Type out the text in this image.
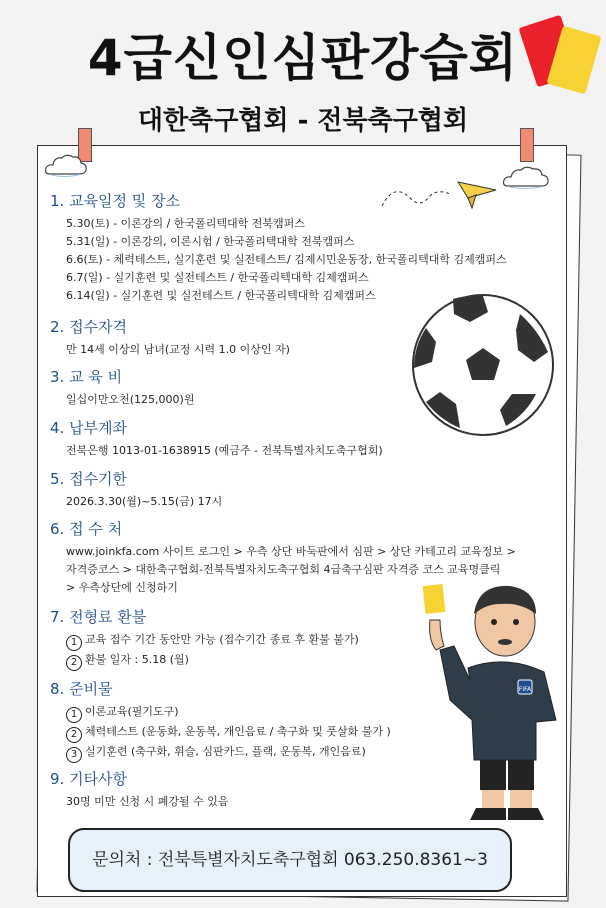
4급신인심판강습회
대한축구협회 - 전북축구협회
FIFA
1. 교육일정 및 장소
5.30(토) - 이론강의 / 한국폴리텍대학 전북캠퍼스
5.31(일) - 이론강의, 이론시험 / 한국폴리텍대학 전북캠퍼스
6.6(토) - 체력테스트, 실기훈련 및 실전테스트/ 김제시민운동장, 한국폴리텍대학 김제캠퍼스
6.7(일) - 실기훈련 및 실전테스트 / 한국폴리텍대학 김제캠퍼스
6.14(일) - 실기훈련 및 실전테스트 / 한국폴리텍대학 김제캠퍼스
2. 접수자격
만 14세 이상의 남녀(교정 시력 1.0 이상인 자)
3. 교 육 비
일십이만오천(125,000)원
4. 납부계좌
전북은행 1013-01-1638915 (예금주 - 전북특별자치도축구협회)
5. 접수기한
2026.3.30(월)~5.15(금) 17시
6. 접 수 처
www.joinkfa.com 사이트 로그인 > 우측 상단 바둑판에서 심판 > 상단 카테고리 교육정보 >
자격증코스 > 대한축구협회-전북특별자치도축구협회 4급축구심판 자격증 코스 교육명클릭
> 우측상단에 신청하기
7. 전형료 환불
1 교육 접수 기간 동안만 가능 (접수기간 종료 후 환불 불가)
2 환불 일자 : 5.18 (월)
8. 준비물
1 이론교육(필기도구)
2 체력테스트 (운동화, 운동복, 개인음료 / 축구화 및 풋살화 불가 )
3 실기훈련 (축구화, 휘슬, 심판카드, 플랙, 운동복, 개인음료)
9. 기타사항
30명 미만 신청 시 폐강될 수 있음
문의처 : 전북특별자치도축구협회 063.250.8361~3
